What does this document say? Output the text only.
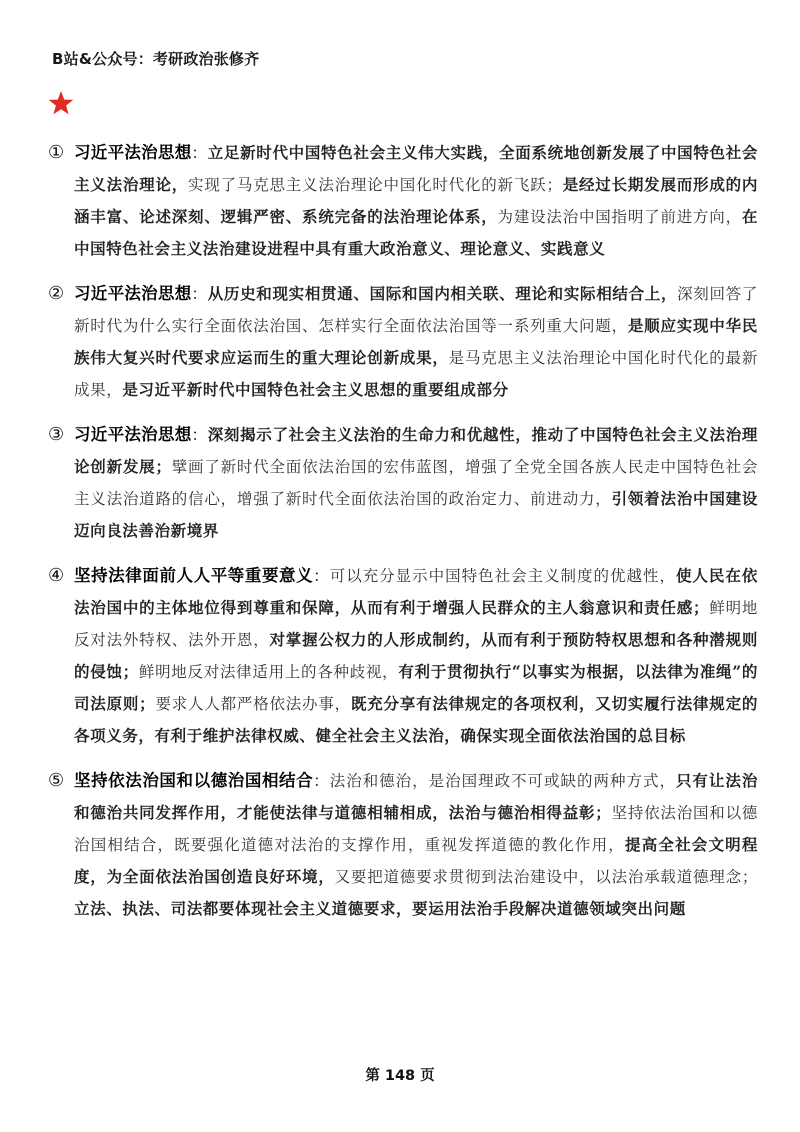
B站&公众号：考研政治张修齐
① 习近平法治思想：立足新时代中国特色社会主义伟大实践，全面系统地创新发展了中国特色社会主义法治理论，实现了马克思主义法治理论中国化时代化的新飞跃；是经过长期发展而形成的内涵丰富、论述深刻、逻辑严密、系统完备的法治理论体系，为建设法治中国指明了前进方向，在中国特色社会主义法治建设进程中具有重大政治意义、理论意义、实践意义
② 习近平法治思想：从历史和现实相贯通、国际和国内相关联、理论和实际相结合上，深刻回答了新时代为什么实行全面依法治国、怎样实行全面依法治国等一系列重大问题，是顺应实现中华民族伟大复兴时代要求应运而生的重大理论创新成果，是马克思主义法治理论中国化时代化的最新成果，是习近平新时代中国特色社会主义思想的重要组成部分
③ 习近平法治思想：深刻揭示了社会主义法治的生命力和优越性，推动了中国特色社会主义法治理论创新发展；擘画了新时代全面依法治国的宏伟蓝图，增强了全党全国各族人民走中国特色社会主义法治道路的信心，增强了新时代全面依法治国的政治定力、前进动力，引领着法治中国建设迈向良法善治新境界
④ 坚持法律面前人人平等重要意义：可以充分显示中国特色社会主义制度的优越性，使人民在依法治国中的主体地位得到尊重和保障，从而有利于增强人民群众的主人翁意识和责任感；鲜明地反对法外特权、法外开恩，对掌握公权力的人形成制约，从而有利于预防特权思想和各种潜规则的侵蚀；鲜明地反对法律适用上的各种歧视，有利于贯彻执行“以事实为根据，以法律为准绳”的司法原则；要求人人都严格依法办事，既充分享有法律规定的各项权利，又切实履行法律规定的各项义务，有利于维护法律权威、健全社会主义法治，确保实现全面依法治国的总目标
⑤ 坚持依法治国和以德治国相结合：法治和德治，是治国理政不可或缺的两种方式，只有让法治和德治共同发挥作用，才能使法律与道德相辅相成，法治与德治相得益彰；坚持依法治国和以德治国相结合，既要强化道德对法治的支撑作用，重视发挥道德的教化作用，提高全社会文明程度，为全面依法治国创造良好环境，又要把道德要求贯彻到法治建设中，以法治承载道德理念；立法、执法、司法都要体现社会主义道德要求，要运用法治手段解决道德领域突出问题
第 148 页
